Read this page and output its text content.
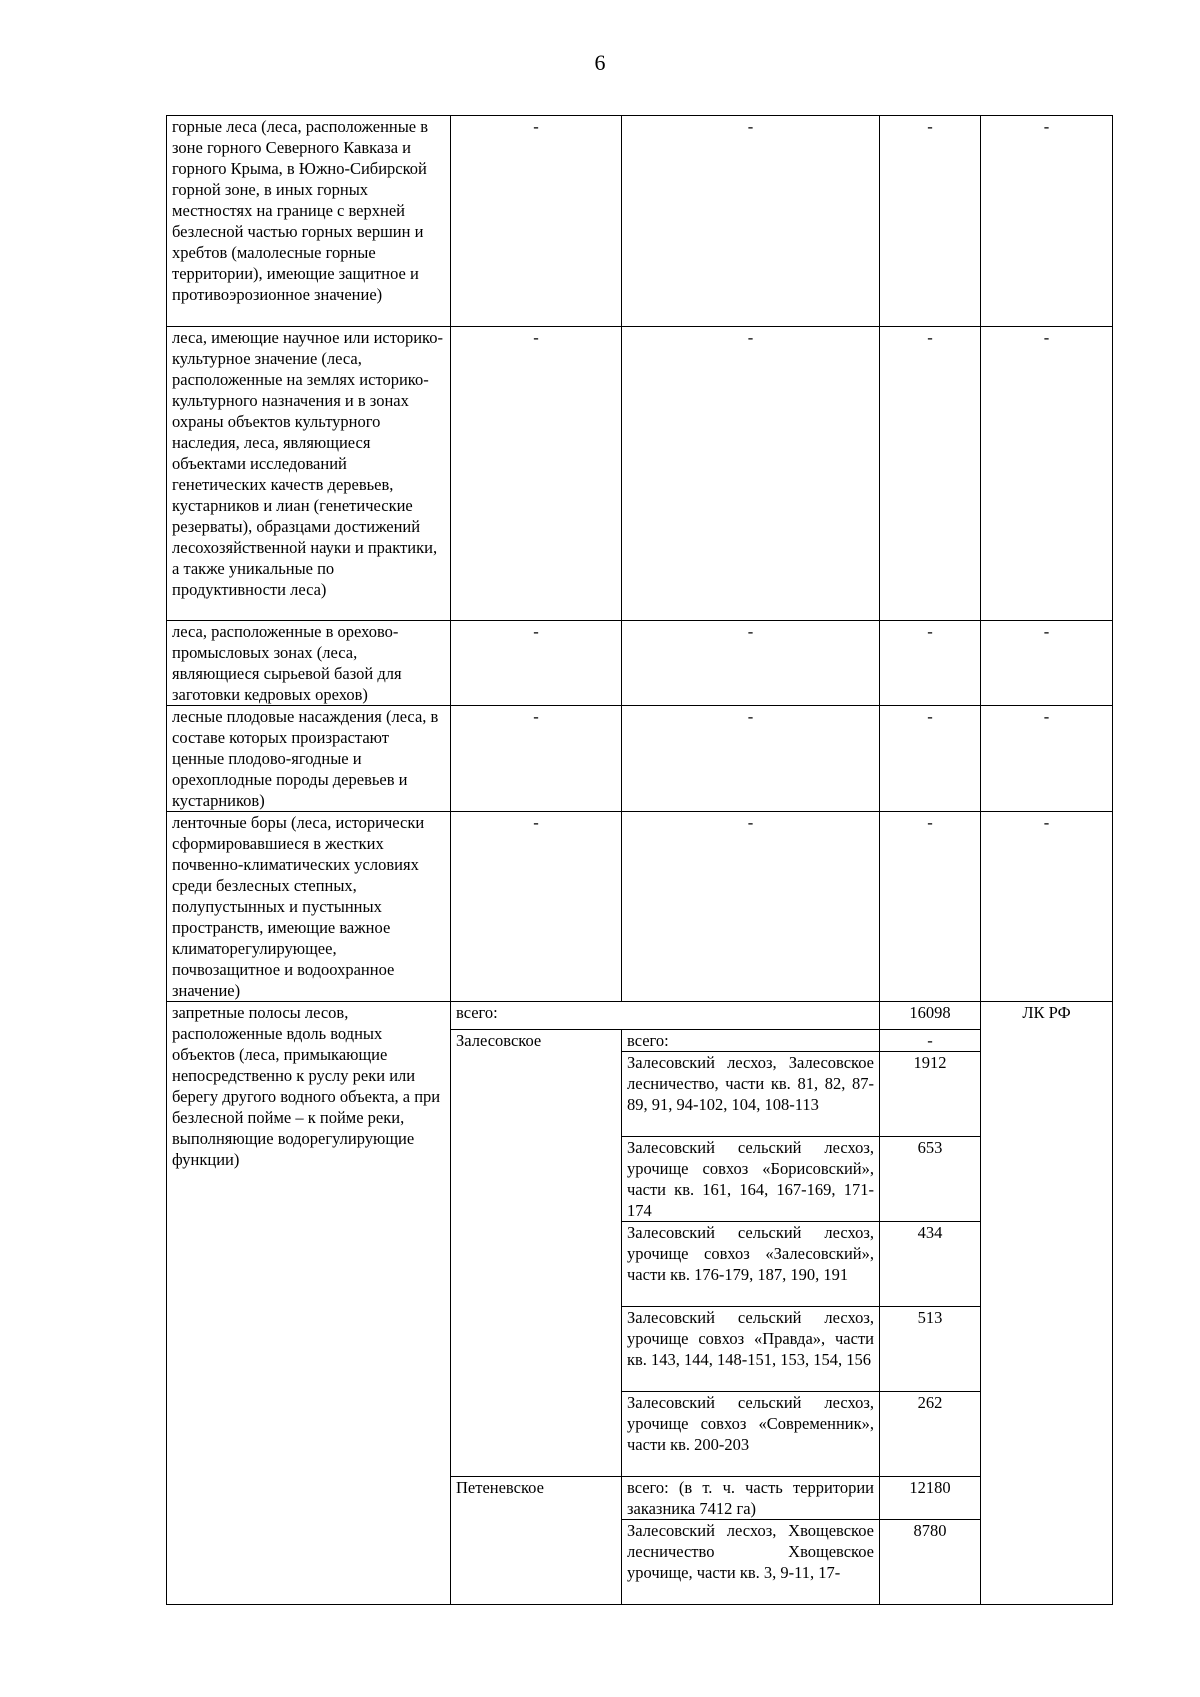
6
горные леса (леса, расположенные в зоне горного Северного Кавказа и горного Крыма, в Южно-Сибирской горной зоне, в иных горных местностях на границе с верхней безлесной частью горных вершин и хребтов (малолесные горные территории), имеющие защитное и противоэрозионное значение)	-	-	-	-
леса, имеющие научное или историко-культурное значение (леса, расположенные на землях историко-культурного назначения и в зонах охраны объектов культурного наследия, леса, являющиеся объектами исследований генетических качеств деревьев, кустарников и лиан (генетические резерваты), образцами достижений лесохозяйственной науки и практики, а также уникальные по продуктивности леса)	-	-	-	-
леса, расположенные в орехово-промысловых зонах (леса, являющиеся сырьевой базой для заготовки кедровых орехов)	-	-	-	-
лесные плодовые насаждения (леса, в составе которых произрастают ценные плодово-ягодные и орехоплодные породы деревьев и кустарников)	-	-	-	-
ленточные боры (леса, исторически сформировавшиеся в жестких почвенно-климатических условиях среди безлесных степных, полупустынных и пустынных пространств, имеющие важное климаторегулирующее, почвозащитное и водоохранное значение)	-	-	-	-
запретные полосы лесов, расположенные вдоль водных объектов (леса, примыкающие непосредственно к руслу реки или берегу другого водного объекта, а при безлесной пойме – к пойме реки, выполняющие водорегулирующие функции)	всего:		16098	ЛК РФ
	Залесовское	всего:	-	
		Залесовский лесхоз, Залесовское лесничество, части кв. 81, 82, 87-89, 91, 94-102, 104, 108-113	1912	
		Залесовский сельский лесхоз, урочище совхоз «Борисовский», части кв. 161, 164, 167-169, 171-174	653	
		Залесовский сельский лесхоз, урочище совхоз «Залесовский», части кв. 176-179, 187, 190, 191	434	
		Залесовский сельский лесхоз, урочище совхоз «Правда», части кв. 143, 144, 148-151, 153, 154, 156	513	
		Залесовский сельский лесхоз, урочище совхоз «Современник», части кв. 200-203	262	
	Петеневское	всего: (в т. ч. часть территории заказника 7412 га)	12180	
		Залесовский лесхоз, Хвощевское лесничество Хвощевское урочище, части кв. 3, 9-11, 17-	8780	
